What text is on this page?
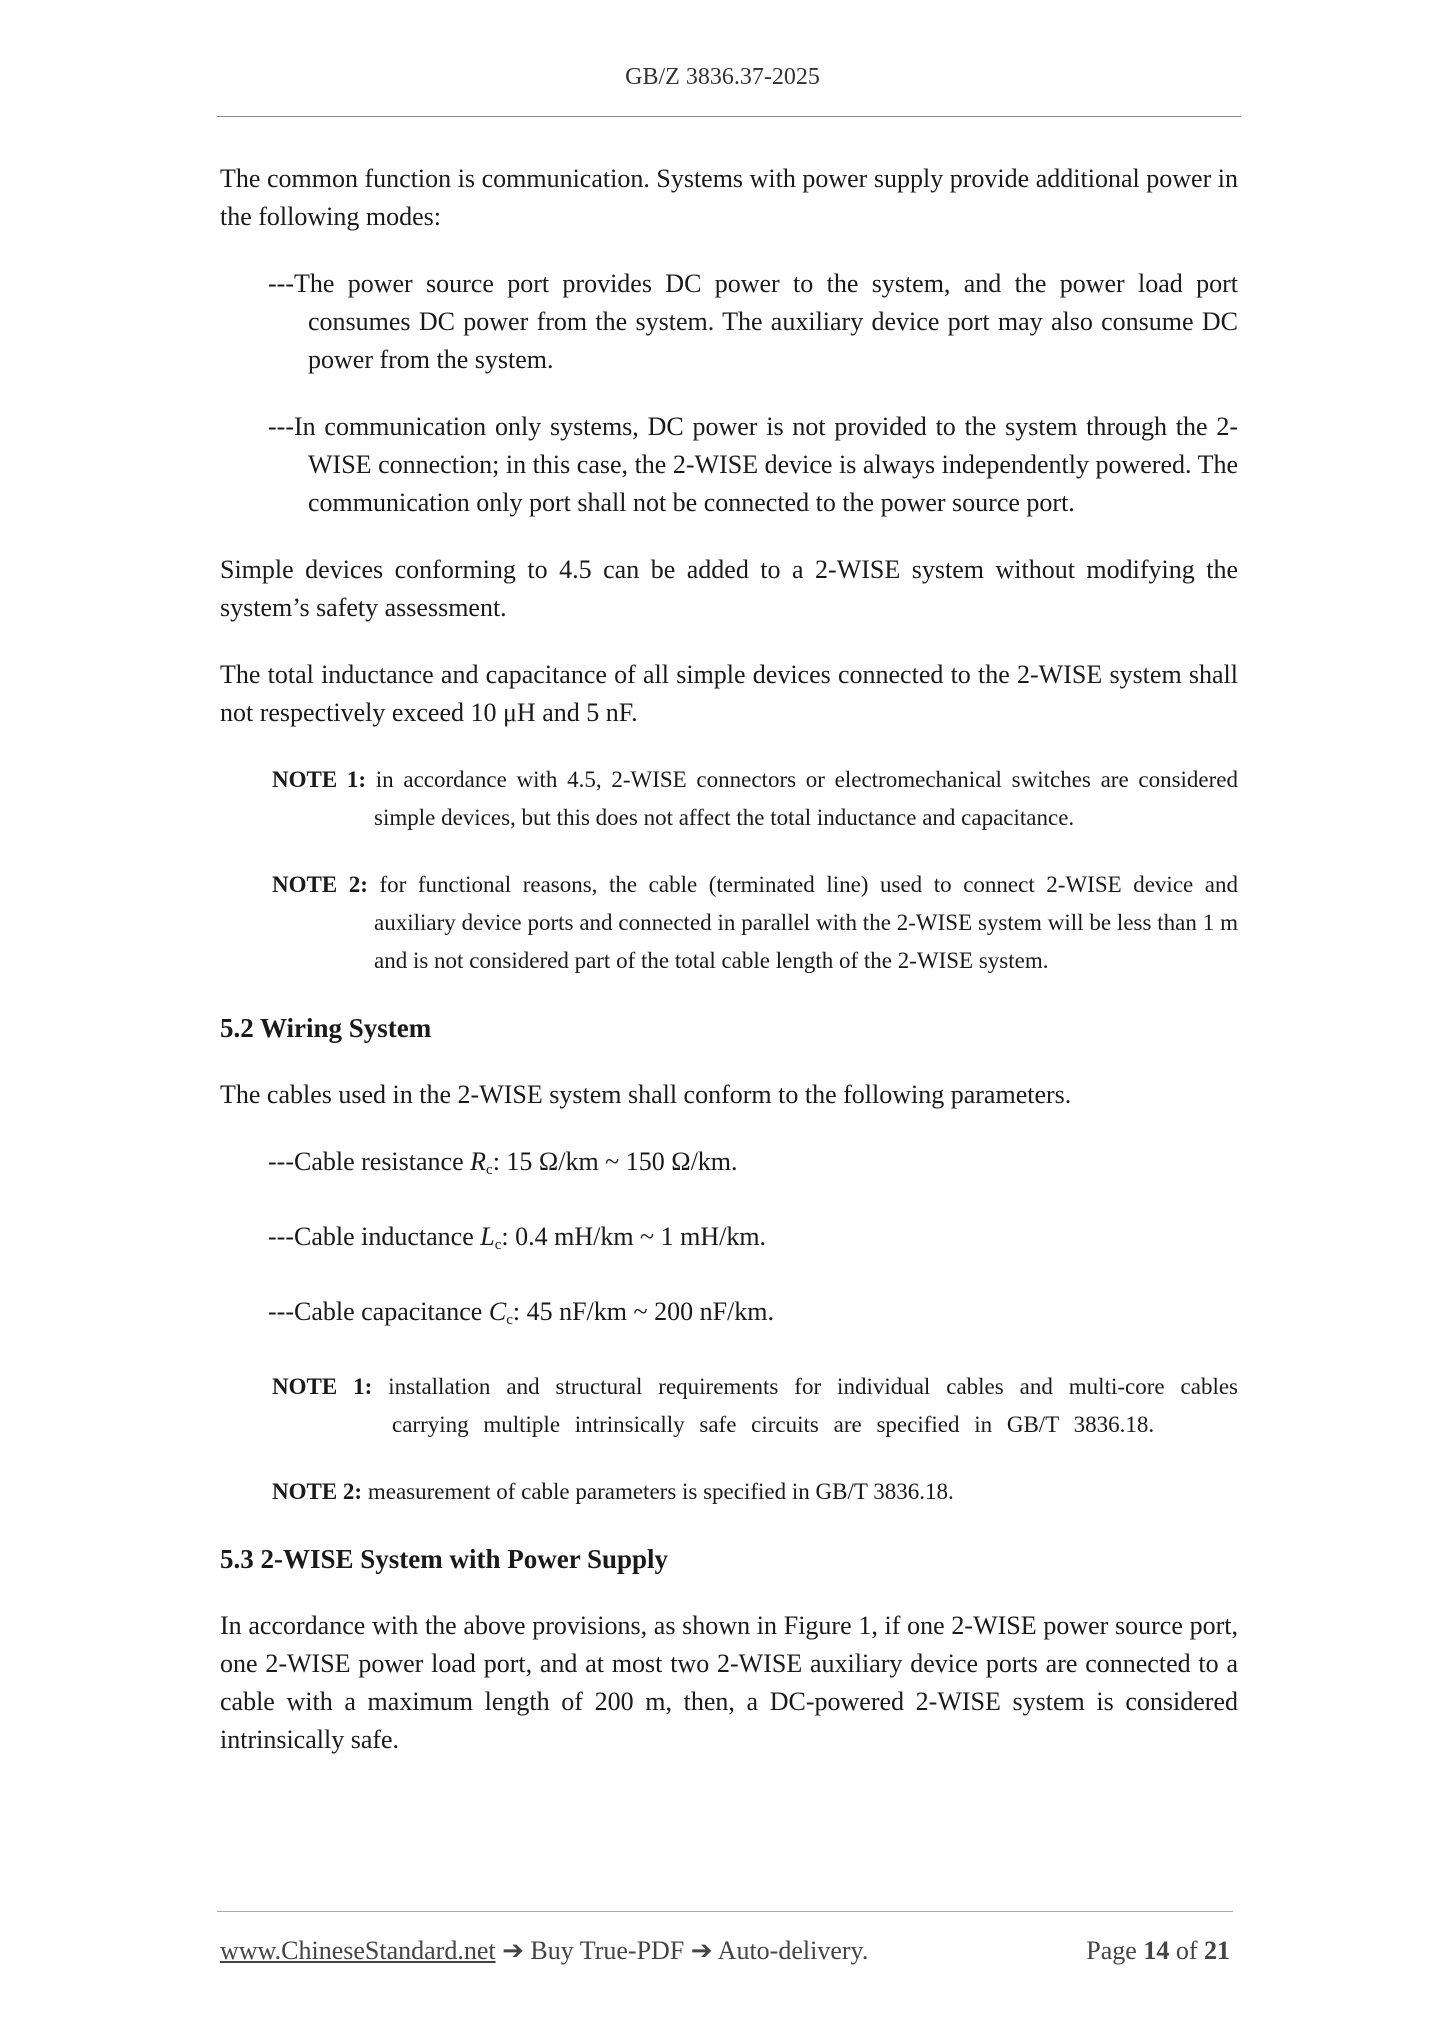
GB/Z 3836.37-2025

The common function is communication. Systems with power supply provide additional power in the following modes:

---The power source port provides DC power to the system, and the power load port consumes DC power from the system. The auxiliary device port may also consume DC power from the system.

---In communication only systems, DC power is not provided to the system through the 2-WISE connection; in this case, the 2-WISE device is always independently powered. The communication only port shall not be connected to the power source port.

Simple devices conforming to 4.5 can be added to a 2-WISE system without modifying the system’s safety assessment.

The total inductance and capacitance of all simple devices connected to the 2-WISE system shall not respectively exceed 10 μH and 5 nF.

NOTE 1: in accordance with 4.5, 2-WISE connectors or electromechanical switches are considered simple devices, but this does not affect the total inductance and capacitance.

NOTE 2: for functional reasons, the cable (terminated line) used to connect 2-WISE device and auxiliary device ports and connected in parallel with the 2-WISE system will be less than 1 m and is not considered part of the total cable length of the 2-WISE system.

5.2 Wiring System

The cables used in the 2-WISE system shall conform to the following parameters.

---Cable resistance $R_c$: 15 Ω/km ~ 150 Ω/km.

---Cable inductance $L_c$: 0.4 mH/km ~ 1 mH/km.

---Cable capacitance $C_c$: 45 nF/km ~ 200 nF/km.

NOTE 1: installation and structural requirements for individual cables and multi-core cables carrying multiple intrinsically safe circuits are specified in GB/T 3836.18.

NOTE 2: measurement of cable parameters is specified in GB/T 3836.18.

5.3 2-WISE System with Power Supply

In accordance with the above provisions, as shown in Figure 1, if one 2-WISE power source port, one 2-WISE power load port, and at most two 2-WISE auxiliary device ports are connected to a cable with a maximum length of 200 m, then, a DC-powered 2-WISE system is considered intrinsically safe.

www.ChineseStandard.net ➔ Buy True-PDF ➔ Auto-delivery.	Page 14 of 21
